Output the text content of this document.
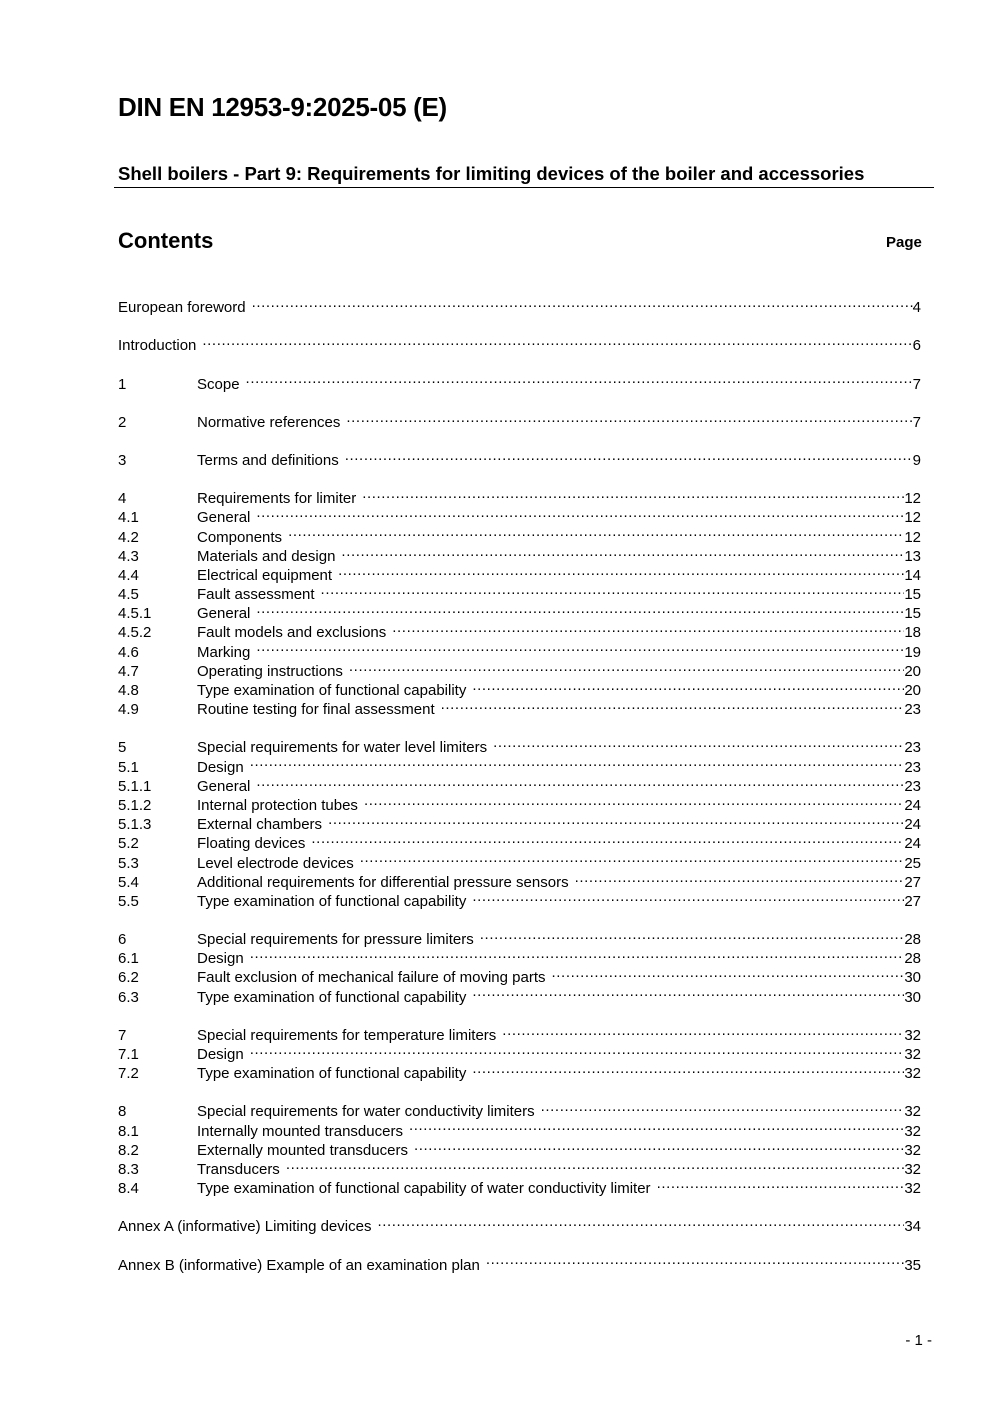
DIN EN 12953-9:2025-05 (E)
Shell boilers - Part 9: Requirements for limiting devices of the boiler and accessories
Contents	Page
European foreword .....	4
Introduction .....	6
1	Scope .....	7
2	Normative references .....	7
3	Terms and definitions .....	9
4	Requirements for limiter .....	12
4.1	General .....	12
4.2	Components .....	12
4.3	Materials and design .....	13
4.4	Electrical equipment .....	14
4.5	Fault assessment .....	15
4.5.1	General .....	15
4.5.2	Fault models and exclusions .....	18
4.6	Marking .....	19
4.7	Operating instructions .....	20
4.8	Type examination of functional capability .....	20
4.9	Routine testing for final assessment .....	23
5	Special requirements for water level limiters .....	23
5.1	Design .....	23
5.1.1	General .....	23
5.1.2	Internal protection tubes .....	24
5.1.3	External chambers .....	24
5.2	Floating devices .....	24
5.3	Level electrode devices .....	25
5.4	Additional requirements for differential pressure sensors .....	27
5.5	Type examination of functional capability .....	27
6	Special requirements for pressure limiters .....	28
6.1	Design .....	28
6.2	Fault exclusion of mechanical failure of moving parts .....	30
6.3	Type examination of functional capability .....	30
7	Special requirements for temperature limiters .....	32
7.1	Design .....	32
7.2	Type examination of functional capability .....	32
8	Special requirements for water conductivity limiters .....	32
8.1	Internally mounted transducers .....	32
8.2	Externally mounted transducers .....	32
8.3	Transducers .....	32
8.4	Type examination of functional capability of water conductivity limiter .....	32
Annex A (informative) Limiting devices .....	34
Annex B (informative) Example of an examination plan .....	35
- 1 -
